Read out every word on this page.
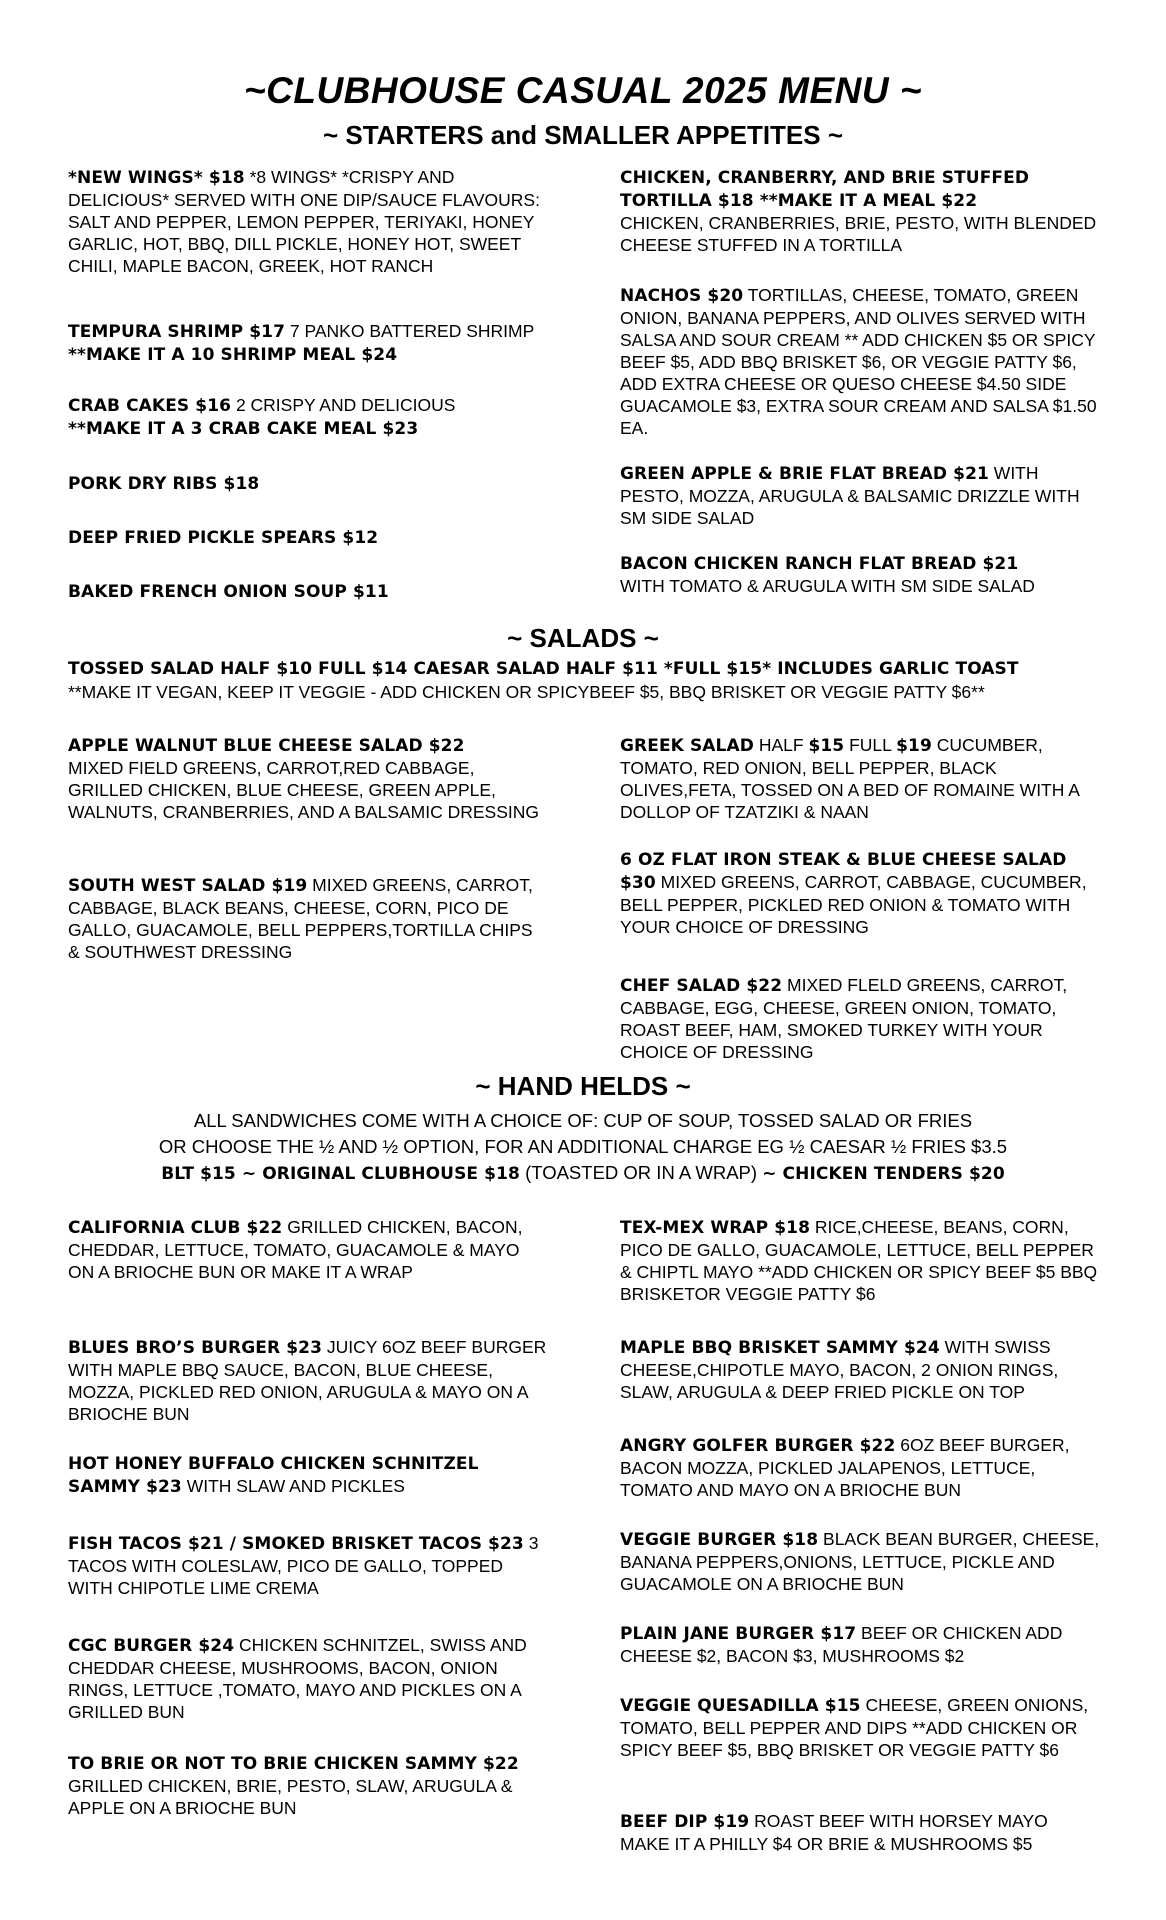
~CLUBHOUSE CASUAL 2025 MENU ~
~ STARTERS and SMALLER APPETITES ~
*NEW WINGS* $18 *8 WINGS* *CRISPY AND DELICIOUS* SERVED WITH ONE DIP/SAUCE FLAVOURS: SALT AND PEPPER, LEMON PEPPER, TERIYAKI, HONEY GARLIC, HOT, BBQ, DILL PICKLE, HONEY HOT, SWEET CHILI, MAPLE BACON, GREEK, HOT RANCH
TEMPURA SHRIMP $17 7 PANKO BATTERED SHRIMP **MAKE IT A 10 SHRIMP MEAL $24
CRAB CAKES $16 2 CRISPY AND DELICIOUS
**MAKE IT A 3 CRAB CAKE MEAL $23
PORK DRY RIBS $18
DEEP FRIED PICKLE SPEARS $12
BAKED FRENCH ONION SOUP $11
CHICKEN, CRANBERRY, AND BRIE STUFFED TORTILLA $18 **MAKE IT A MEAL $22
CHICKEN, CRANBERRIES, BRIE, PESTO, WITH BLENDED CHEESE STUFFED IN A TORTILLA
NACHOS $20 TORTILLAS, CHEESE, TOMATO, GREEN ONION, BANANA PEPPERS, AND OLIVES SERVED WITH SALSA AND SOUR CREAM ** ADD CHICKEN $5 OR SPICY BEEF $5, ADD BBQ BRISKET $6, OR VEGGIE PATTY $6, ADD EXTRA CHEESE OR QUESO CHEESE $4.50 SIDE GUACAMOLE $3, EXTRA SOUR CREAM AND SALSA $1.50 EA.
GREEN APPLE & BRIE FLAT BREAD $21 WITH PESTO, MOZZA, ARUGULA & BALSAMIC DRIZZLE WITH SM SIDE SALAD
BACON CHICKEN RANCH FLAT BREAD $21
WITH TOMATO & ARUGULA WITH SM SIDE SALAD
~ SALADS ~
TOSSED SALAD HALF $10 FULL $14 CAESAR SALAD HALF $11 *FULL $15* INCLUDES GARLIC TOAST
**MAKE IT VEGAN, KEEP IT VEGGIE - ADD CHICKEN OR SPICYBEEF $5, BBQ BRISKET OR VEGGIE PATTY $6**
APPLE WALNUT BLUE CHEESE SALAD $22
MIXED FIELD GREENS, CARROT,RED CABBAGE, GRILLED CHICKEN, BLUE CHEESE, GREEN APPLE, WALNUTS, CRANBERRIES, AND A BALSAMIC DRESSING
SOUTH WEST SALAD $19 MIXED GREENS, CARROT, CABBAGE, BLACK BEANS, CHEESE, CORN, PICO DE GALLO, GUACAMOLE, BELL PEPPERS,TORTILLA CHIPS & SOUTHWEST DRESSING
GREEK SALAD HALF $15 FULL $19 CUCUMBER, TOMATO, RED ONION, BELL PEPPER, BLACK OLIVES,FETA, TOSSED ON A BED OF ROMAINE WITH A DOLLOP OF TZATZIKI & NAAN
6 OZ FLAT IRON STEAK & BLUE CHEESE SALAD $30 MIXED GREENS, CARROT, CABBAGE, CUCUMBER, BELL PEPPER, PICKLED RED ONION & TOMATO WITH YOUR CHOICE OF DRESSING
CHEF SALAD $22 MIXED FLELD GREENS, CARROT, CABBAGE, EGG, CHEESE, GREEN ONION, TOMATO, ROAST BEEF, HAM, SMOKED TURKEY WITH YOUR CHOICE OF DRESSING
~ HAND HELDS ~
ALL SANDWICHES COME WITH A CHOICE OF: CUP OF SOUP, TOSSED SALAD OR FRIES
OR CHOOSE THE ½ AND ½ OPTION, FOR AN ADDITIONAL CHARGE EG ½ CAESAR ½ FRIES $3.5
BLT $15 ~ ORIGINAL CLUBHOUSE $18 (TOASTED OR IN A WRAP) ~ CHICKEN TENDERS $20
CALIFORNIA CLUB $22 GRILLED CHICKEN, BACON, CHEDDAR, LETTUCE, TOMATO, GUACAMOLE & MAYO ON A BRIOCHE BUN OR MAKE IT A WRAP
BLUES BRO’S BURGER $23 JUICY 6OZ BEEF BURGER WITH MAPLE BBQ SAUCE, BACON, BLUE CHEESE, MOZZA, PICKLED RED ONION, ARUGULA & MAYO ON A BRIOCHE BUN
HOT HONEY BUFFALO CHICKEN SCHNITZEL SAMMY $23 WITH SLAW AND PICKLES
FISH TACOS $21 / SMOKED BRISKET TACOS $23 3 TACOS WITH COLESLAW, PICO DE GALLO, TOPPED WITH CHIPOTLE LIME CREMA
CGC BURGER $24 CHICKEN SCHNITZEL, SWISS AND CHEDDAR CHEESE, MUSHROOMS, BACON, ONION RINGS, LETTUCE ,TOMATO, MAYO AND PICKLES ON A GRILLED BUN
TO BRIE OR NOT TO BRIE CHICKEN SAMMY $22 GRILLED CHICKEN, BRIE, PESTO, SLAW, ARUGULA & APPLE ON A BRIOCHE BUN
TEX-MEX WRAP $18 RICE,CHEESE, BEANS, CORN, PICO DE GALLO, GUACAMOLE, LETTUCE, BELL PEPPER & CHIPTL MAYO **ADD CHICKEN OR SPICY BEEF $5 BBQ BRISKETOR VEGGIE PATTY $6
MAPLE BBQ BRISKET SAMMY $24 WITH SWISS CHEESE,CHIPOTLE MAYO, BACON, 2 ONION RINGS, SLAW, ARUGULA & DEEP FRIED PICKLE ON TOP
ANGRY GOLFER BURGER $22 6OZ BEEF BURGER, BACON MOZZA, PICKLED JALAPENOS, LETTUCE, TOMATO AND MAYO ON A BRIOCHE BUN
VEGGIE BURGER $18 BLACK BEAN BURGER, CHEESE, BANANA PEPPERS,ONIONS, LETTUCE, PICKLE AND GUACAMOLE ON A BRIOCHE BUN
PLAIN JANE BURGER $17 BEEF OR CHICKEN ADD CHEESE $2, BACON $3, MUSHROOMS $2
VEGGIE QUESADILLA $15 CHEESE, GREEN ONIONS, TOMATO, BELL PEPPER AND DIPS **ADD CHICKEN OR SPICY BEEF $5, BBQ BRISKET OR VEGGIE PATTY $6
BEEF DIP $19 ROAST BEEF WITH HORSEY MAYO MAKE IT A PHILLY $4 OR BRIE & MUSHROOMS $5
